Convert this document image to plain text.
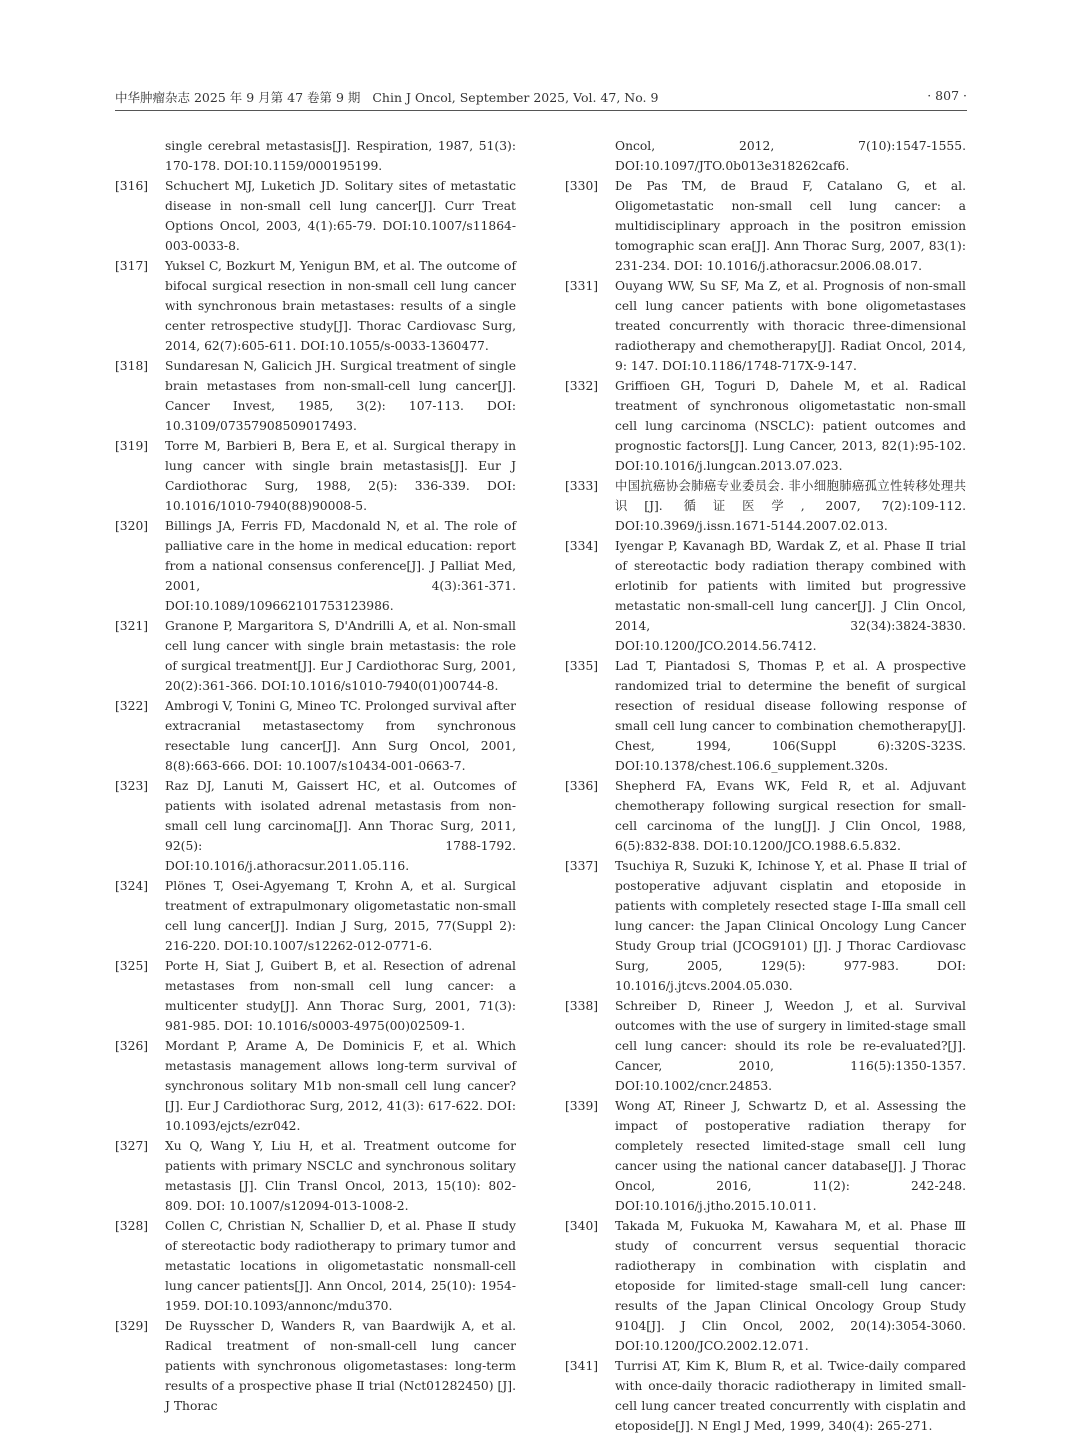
中华肿瘤杂志 2025 年 9 月第 47 卷第 9 期 Chin J Oncol, September 2025, Vol. 47, No. 9	· 807 ·

single cerebral metastasis[J]. Respiration, 1987, 51(3): 170-178. DOI:10.1159/000195199.

[316] Schuchert MJ, Luketich JD. Solitary sites of metastatic disease in non-small cell lung cancer[J]. Curr Treat Options Oncol, 2003, 4(1):65-79. DOI:10.1007/s11864-003-0033-8.

[317] Yuksel C, Bozkurt M, Yenigun BM, et al. The outcome of bifocal surgical resection in non-small cell lung cancer with synchronous brain metastases: results of a single center retrospective study[J]. Thorac Cardiovasc Surg, 2014, 62(7):605-611. DOI:10.1055/s-0033-1360477.

[318] Sundaresan N, Galicich JH. Surgical treatment of single brain metastases from non-small-cell lung cancer[J]. Cancer Invest, 1985, 3(2): 107-113. DOI: 10.3109/07357908509017493.

[319] Torre M, Barbieri B, Bera E, et al. Surgical therapy in lung cancer with single brain metastasis[J]. Eur J Cardiothorac Surg, 1988, 2(5): 336-339. DOI: 10.1016/1010-7940(88)90008-5.

[320] Billings JA, Ferris FD, Macdonald N, et al. The role of palliative care in the home in medical education: report from a national consensus conference[J]. J Palliat Med, 2001, 4(3):361-371. DOI:10.1089/109662101753123986.

[321] Granone P, Margaritora S, D'Andrilli A, et al. Non-small cell lung cancer with single brain metastasis: the role of surgical treatment[J]. Eur J Cardiothorac Surg, 2001, 20(2):361-366. DOI:10.1016/s1010-7940(01)00744-8.

[322] Ambrogi V, Tonini G, Mineo TC. Prolonged survival after extracranial metastasectomy from synchronous resectable lung cancer[J]. Ann Surg Oncol, 2001, 8(8):663-666. DOI: 10.1007/s10434-001-0663-7.

[323] Raz DJ, Lanuti M, Gaissert HC, et al. Outcomes of patients with isolated adrenal metastasis from non-small cell lung carcinoma[J]. Ann Thorac Surg, 2011, 92(5): 1788-1792. DOI:10.1016/j.athoracsur.2011.05.116.

[324] Plönes T, Osei-Agyemang T, Krohn A, et al. Surgical treatment of extrapulmonary oligometastatic non-small cell lung cancer[J]. Indian J Surg, 2015, 77(Suppl 2): 216-220. DOI:10.1007/s12262-012-0771-6.

[325] Porte H, Siat J, Guibert B, et al. Resection of adrenal metastases from non-small cell lung cancer: a multicenter study[J]. Ann Thorac Surg, 2001, 71(3): 981-985. DOI: 10.1016/s0003-4975(00)02509-1.

[326] Mordant P, Arame A, De Dominicis F, et al. Which metastasis management allows long-term survival of synchronous solitary M1b non-small cell lung cancer?[J]. Eur J Cardiothorac Surg, 2012, 41(3): 617-622. DOI: 10.1093/ejcts/ezr042.

[327] Xu Q, Wang Y, Liu H, et al. Treatment outcome for patients with primary NSCLC and synchronous solitary metastasis [J]. Clin Transl Oncol, 2013, 15(10): 802-809. DOI: 10.1007/s12094-013-1008-2.

[328] Collen C, Christian N, Schallier D, et al. Phase Ⅱ study of stereotactic body radiotherapy to primary tumor and metastatic locations in oligometastatic nonsmall-cell lung cancer patients[J]. Ann Oncol, 2014, 25(10): 1954-1959. DOI:10.1093/annonc/mdu370.

[329] De Ruysscher D, Wanders R, van Baardwijk A, et al. Radical treatment of non-small-cell lung cancer patients with synchronous oligometastases: long-term results of a prospective phase Ⅱ trial (Nct01282450) [J]. J Thorac

Oncol, 2012, 7(10):1547-1555. DOI:10.1097/JTO.0b013e318262caf6.

[330] De Pas TM, de Braud F, Catalano G, et al. Oligometastatic non-small cell lung cancer: a multidisciplinary approach in the positron emission tomographic scan era[J]. Ann Thorac Surg, 2007, 83(1): 231-234. DOI: 10.1016/j.athoracsur.2006.08.017.

[331] Ouyang WW, Su SF, Ma Z, et al. Prognosis of non-small cell lung cancer patients with bone oligometastases treated concurrently with thoracic three-dimensional radiotherapy and chemotherapy[J]. Radiat Oncol, 2014, 9: 147. DOI:10.1186/1748-717X-9-147.

[332] Griffioen GH, Toguri D, Dahele M, et al. Radical treatment of synchronous oligometastatic non-small cell lung carcinoma (NSCLC): patient outcomes and prognostic factors[J]. Lung Cancer, 2013, 82(1):95-102. DOI:10.1016/j.lungcan.2013.07.023.

[333] 中国抗癌协会肺癌专业委员会. 非小细胞肺癌孤立性转移处理共识[J]. 循证医学, 2007, 7(2):109-112. DOI:10.3969/j.issn.1671-5144.2007.02.013.

[334] Iyengar P, Kavanagh BD, Wardak Z, et al. Phase Ⅱ trial of stereotactic body radiation therapy combined with erlotinib for patients with limited but progressive metastatic non-small-cell lung cancer[J]. J Clin Oncol, 2014, 32(34):3824-3830. DOI:10.1200/JCO.2014.56.7412.

[335] Lad T, Piantadosi S, Thomas P, et al. A prospective randomized trial to determine the benefit of surgical resection of residual disease following response of small cell lung cancer to combination chemotherapy[J]. Chest, 1994, 106(Suppl 6):320S-323S. DOI:10.1378/chest.106.6_supplement.320s.

[336] Shepherd FA, Evans WK, Feld R, et al. Adjuvant chemotherapy following surgical resection for small-cell carcinoma of the lung[J]. J Clin Oncol, 1988, 6(5):832-838. DOI:10.1200/JCO.1988.6.5.832.

[337] Tsuchiya R, Suzuki K, Ichinose Y, et al. Phase Ⅱ trial of postoperative adjuvant cisplatin and etoposide in patients with completely resected stage Ⅰ-Ⅲa small cell lung cancer: the Japan Clinical Oncology Lung Cancer Study Group trial (JCOG9101) [J]. J Thorac Cardiovasc Surg, 2005, 129(5): 977-983. DOI: 10.1016/j.jtcvs.2004.05.030.

[338] Schreiber D, Rineer J, Weedon J, et al. Survival outcomes with the use of surgery in limited-stage small cell lung cancer: should its role be re-evaluated?[J]. Cancer, 2010, 116(5):1350-1357. DOI:10.1002/cncr.24853.

[339] Wong AT, Rineer J, Schwartz D, et al. Assessing the impact of postoperative radiation therapy for completely resected limited-stage small cell lung cancer using the national cancer database[J]. J Thorac Oncol, 2016, 11(2): 242-248. DOI:10.1016/j.jtho.2015.10.011.

[340] Takada M, Fukuoka M, Kawahara M, et al. Phase Ⅲ study of concurrent versus sequential thoracic radiotherapy in combination with cisplatin and etoposide for limited-stage small-cell lung cancer: results of the Japan Clinical Oncology Group Study 9104[J]. J Clin Oncol, 2002, 20(14):3054-3060. DOI:10.1200/JCO.2002.12.071.

[341] Turrisi AT, Kim K, Blum R, et al. Twice-daily compared with once-daily thoracic radiotherapy in limited small-cell lung cancer treated concurrently with cisplatin and etoposide[J]. N Engl J Med, 1999, 340(4): 265-271.
